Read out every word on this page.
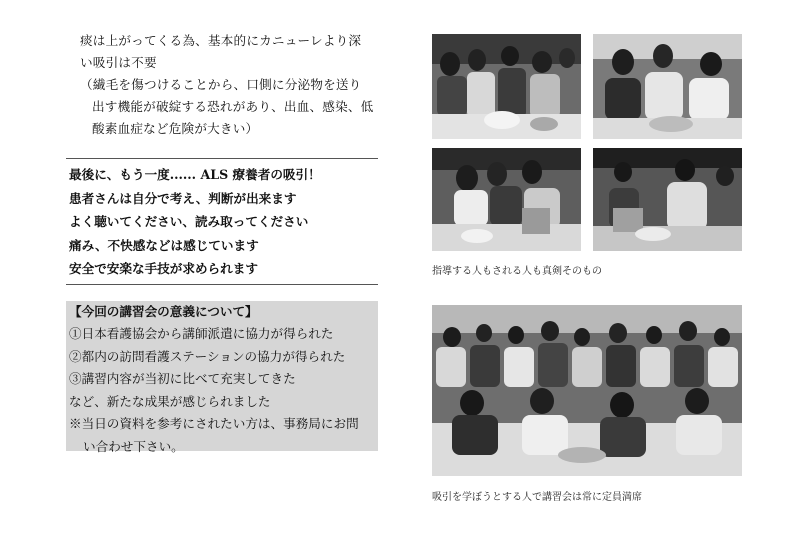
痰は上がってくる為、基本的にカニューレより深
い吸引は不要
（繊毛を傷つけることから、口側に分泌物を送り
出す機能が破綻する恐れがあり、出血、感染、低
酸素血症など危険が大きい）
最後に、もう一度...... ALS 療養者の吸引！
患者さんは自分で考え、判断が出来ます
よく聴いてください、読み取ってください
痛み、不快感などは感じています
安全で安楽な手技が求められます
【今回の講習会の意義について】
①日本看護協会から講師派遣に協力が得られた
②都内の訪問看護ステーションの協力が得られた
③講習内容が当初に比べて充実してきた
など、新たな成果が感じられました
※当日の資料を参考にされたい方は、事務局にお問
い合わせ下さい。
指導する人もされる人も真剣そのもの
吸引を学ぼうとする人で講習会は常に定員満席
